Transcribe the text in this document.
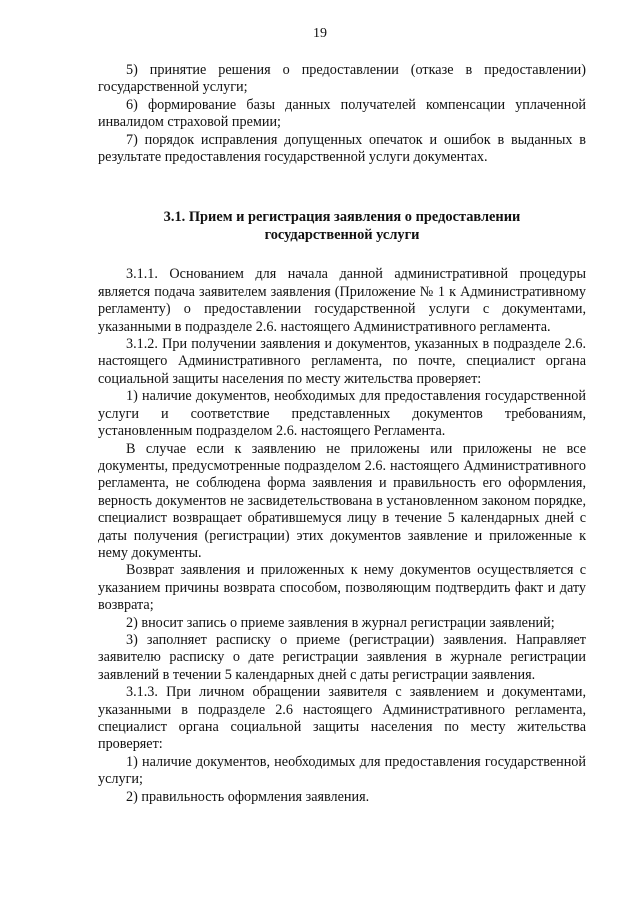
19

5) принятие решения о предоставлении (отказе в предоставлении) государственной услуги;

6) формирование базы данных получателей компенсации уплаченной инвалидом страховой премии;

7) порядок исправления допущенных опечаток и ошибок в выданных в результате предоставления государственной услуги документах.

3.1. Прием и регистрация заявления о предоставлении государственной услуги

3.1.1. Основанием для начала данной административной процедуры является подача заявителем заявления (Приложение № 1 к Административному регламенту) о предоставлении государственной услуги с документами, указанными в подразделе 2.6. настоящего Административного регламента.

3.1.2. При получении заявления и документов, указанных в подразделе 2.6. настоящего Административного регламента, по почте, специалист органа социальной защиты населения по месту жительства проверяет:

1) наличие документов, необходимых для предоставления государственной услуги и соответствие представленных документов требованиям, установленным подразделом 2.6. настоящего Регламента.

В случае если к заявлению не приложены или приложены не все документы, предусмотренные подразделом 2.6. настоящего Административного регламента, не соблюдена форма заявления и правильность его оформления, верность документов не засвидетельствована в установленном законом порядке, специалист возвращает обратившемуся лицу в течение 5 календарных дней с даты получения (регистрации) этих документов заявление и приложенные к нему документы.

Возврат заявления и приложенных к нему документов осуществляется с указанием причины возврата способом, позволяющим подтвердить факт и дату возврата;

2) вносит запись о приеме заявления в журнал регистрации заявлений;

3) заполняет расписку о приеме (регистрации) заявления. Направляет заявителю расписку о дате регистрации заявления в журнале регистрации заявлений в течении 5 календарных дней с даты регистрации заявления.

3.1.3. При личном обращении заявителя с заявлением и документами, указанными в подразделе 2.6 настоящего Административного регламента, специалист органа социальной защиты населения по месту жительства проверяет:

1) наличие документов, необходимых для предоставления государственной услуги;

2) правильность оформления заявления.
